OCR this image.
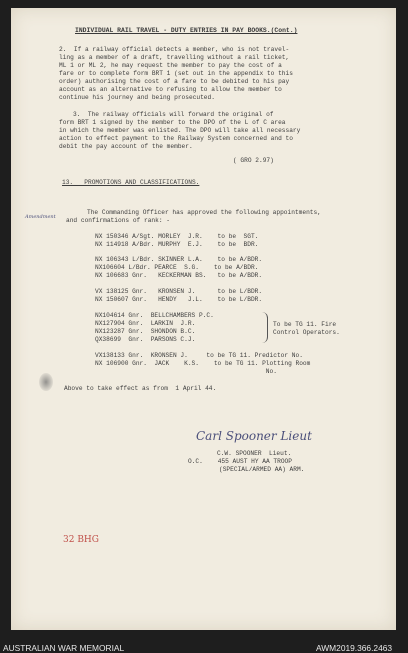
INDIVIDUAL RAIL TRAVEL - DUTY ENTRIES IN PAY BOOKS.(Cont.)
2.  If a railway official detects a member, who is not travel-
ling as a member of a draft, travelling without a rail ticket,
ML 1 or ML 2, he may request the member to pay the cost of a
fare or to complete form BRT 1 (set out in the appendix to this
order) authorising the cost of a fare to be debited to his pay
account as an alternative to refusing to allow the member to
continue his journey and being prosecuted.
3.  The railway officials will forward the original of
form BRT 1 signed by the member to the DPO of the L of C area
in which the member was enlisted. The DPO will take all necessary
action to effect payment to the Railway System concerned and to
debit the pay account of the member.
( GRO 2.97)
13.   PROMOTIONS AND CLASSIFICATIONS.
Amendment
The Commanding Officer has approved the following appointments,
and confirmations of rank: -
NX 150346 A/Sgt. MORLEY  J.R.    to be  SGT.
NX 114918 A/Bdr. MURPHY  E.J.    to be  BDR.
NX 106343 L/Bdr. SKINNER L.A.    to be A/BDR.
NX106604 L/Bdr. PEARCE  S.G.    to be A/BDR.
NX 106683 Gnr.   KECKERMAN BS.   to be A/BDR.
VX 138125 Gnr.   KRONSEN J.      to be L/BDR.
NX 150607 Gnr.   HENDY   J.L.    to be L/BDR.
NX104614 Gnr.  BELLCHAMBERS P.C.
NX127904 Gnr.  LARKIN  J.R.
NX123287 Gnr.  SHONDON B.C.
QX38699  Gnr.  PARSONS C.J.
To be TG 11. Fire
Control Operators.
VX138133 Gnr.  KRONSEN J.     to be TG 11. Predictor No.
NX 106900 Gnr.  JACK    K.S.    to be TG 11. Plotting Room
No.
Above to take effect as from  1 April 44.
Carl Spooner Lieut
C.W. SPOONER  Lieut.
O.C.    455 AUST HY AA TROOP
(SPECIAL/ARMED AA) ARM.
32 BHG
AUSTRALIAN WAR MEMORIAL	AWM2019.366.2463
